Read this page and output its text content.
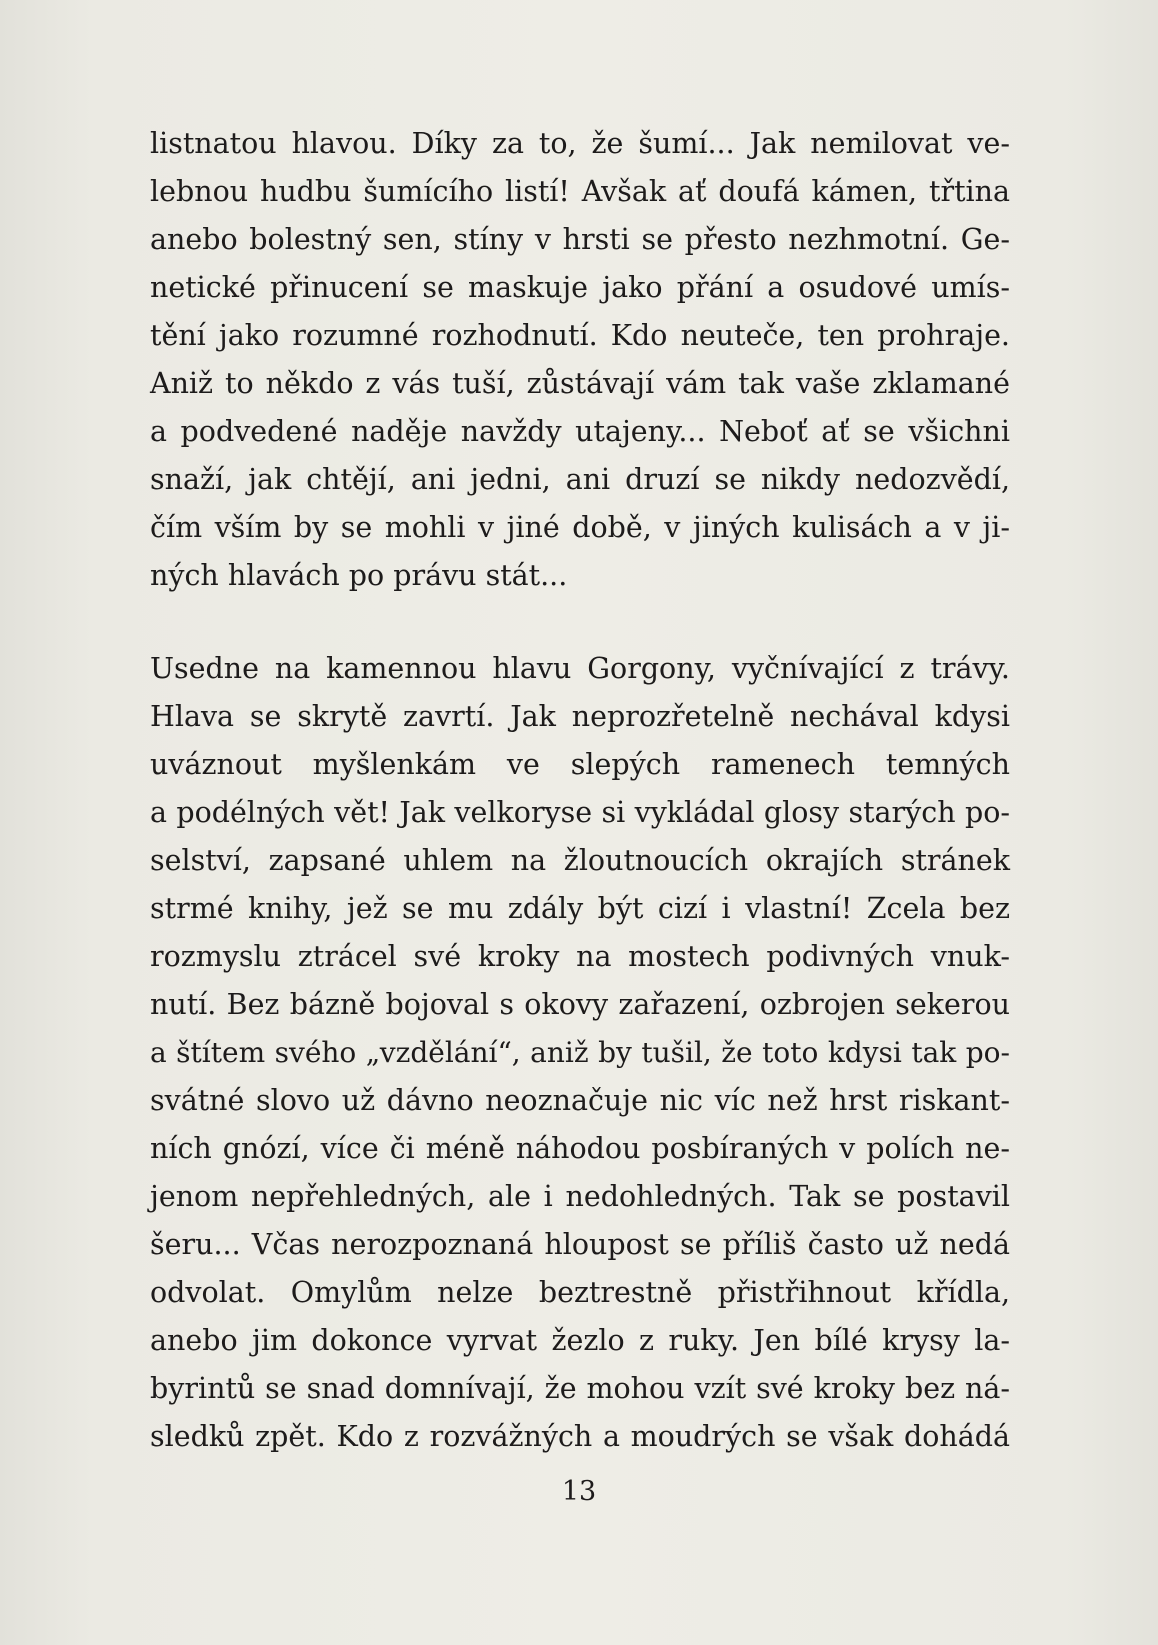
listnatou hlavou. Díky za to, že šumí... Jak nemilovat ve-
lebnou hudbu šumícího listí! Avšak ať doufá kámen, třtina
anebo bolestný sen, stíny v hrsti se přesto nezhmotní. Ge-
netické přinucení se maskuje jako přání a osudové umís-
tění jako rozumné rozhodnutí. Kdo neuteče, ten prohraje.
Aniž to někdo z vás tuší, zůstávají vám tak vaše zklamané
a podvedené naděje navždy utajeny... Neboť ať se všichni
snaží, jak chtějí, ani jedni, ani druzí se nikdy nedozvědí,
čím vším by se mohli v jiné době, v jiných kulisách a v ji-
ných hlavách po právu stát...

Usedne na kamennou hlavu Gorgony, vyčnívající z trávy.
Hlava se skrytě zavrtí. Jak neprozřetelně nechával kdysi
uváznout myšlenkám ve slepých ramenech temných
a podélných vět! Jak velkoryse si vykládal glosy starých po-
selství, zapsané uhlem na žloutnoucích okrajích stránek
strmé knihy, jež se mu zdály být cizí i vlastní! Zcela bez
rozmyslu ztrácel své kroky na mostech podivných vnuk-
nutí. Bez bázně bojoval s okovy zařazení, ozbrojen sekerou
a štítem svého „vzdělání“, aniž by tušil, že toto kdysi tak po-
svátné slovo už dávno neoznačuje nic víc než hrst riskant-
ních gnózí, více či méně náhodou posbíraných v polích ne-
jenom nepřehledných, ale i nedohledných. Tak se postavil
šeru... Včas nerozpoznaná hloupost se příliš často už nedá
odvolat. Omylům nelze beztrestně přistřihnout křídla,
anebo jim dokonce vyrvat žezlo z ruky. Jen bílé krysy la-
byrintů se snad domnívají, že mohou vzít své kroky bez ná-
sledků zpět. Kdo z rozvážných a moudrých se však dohádá

13
